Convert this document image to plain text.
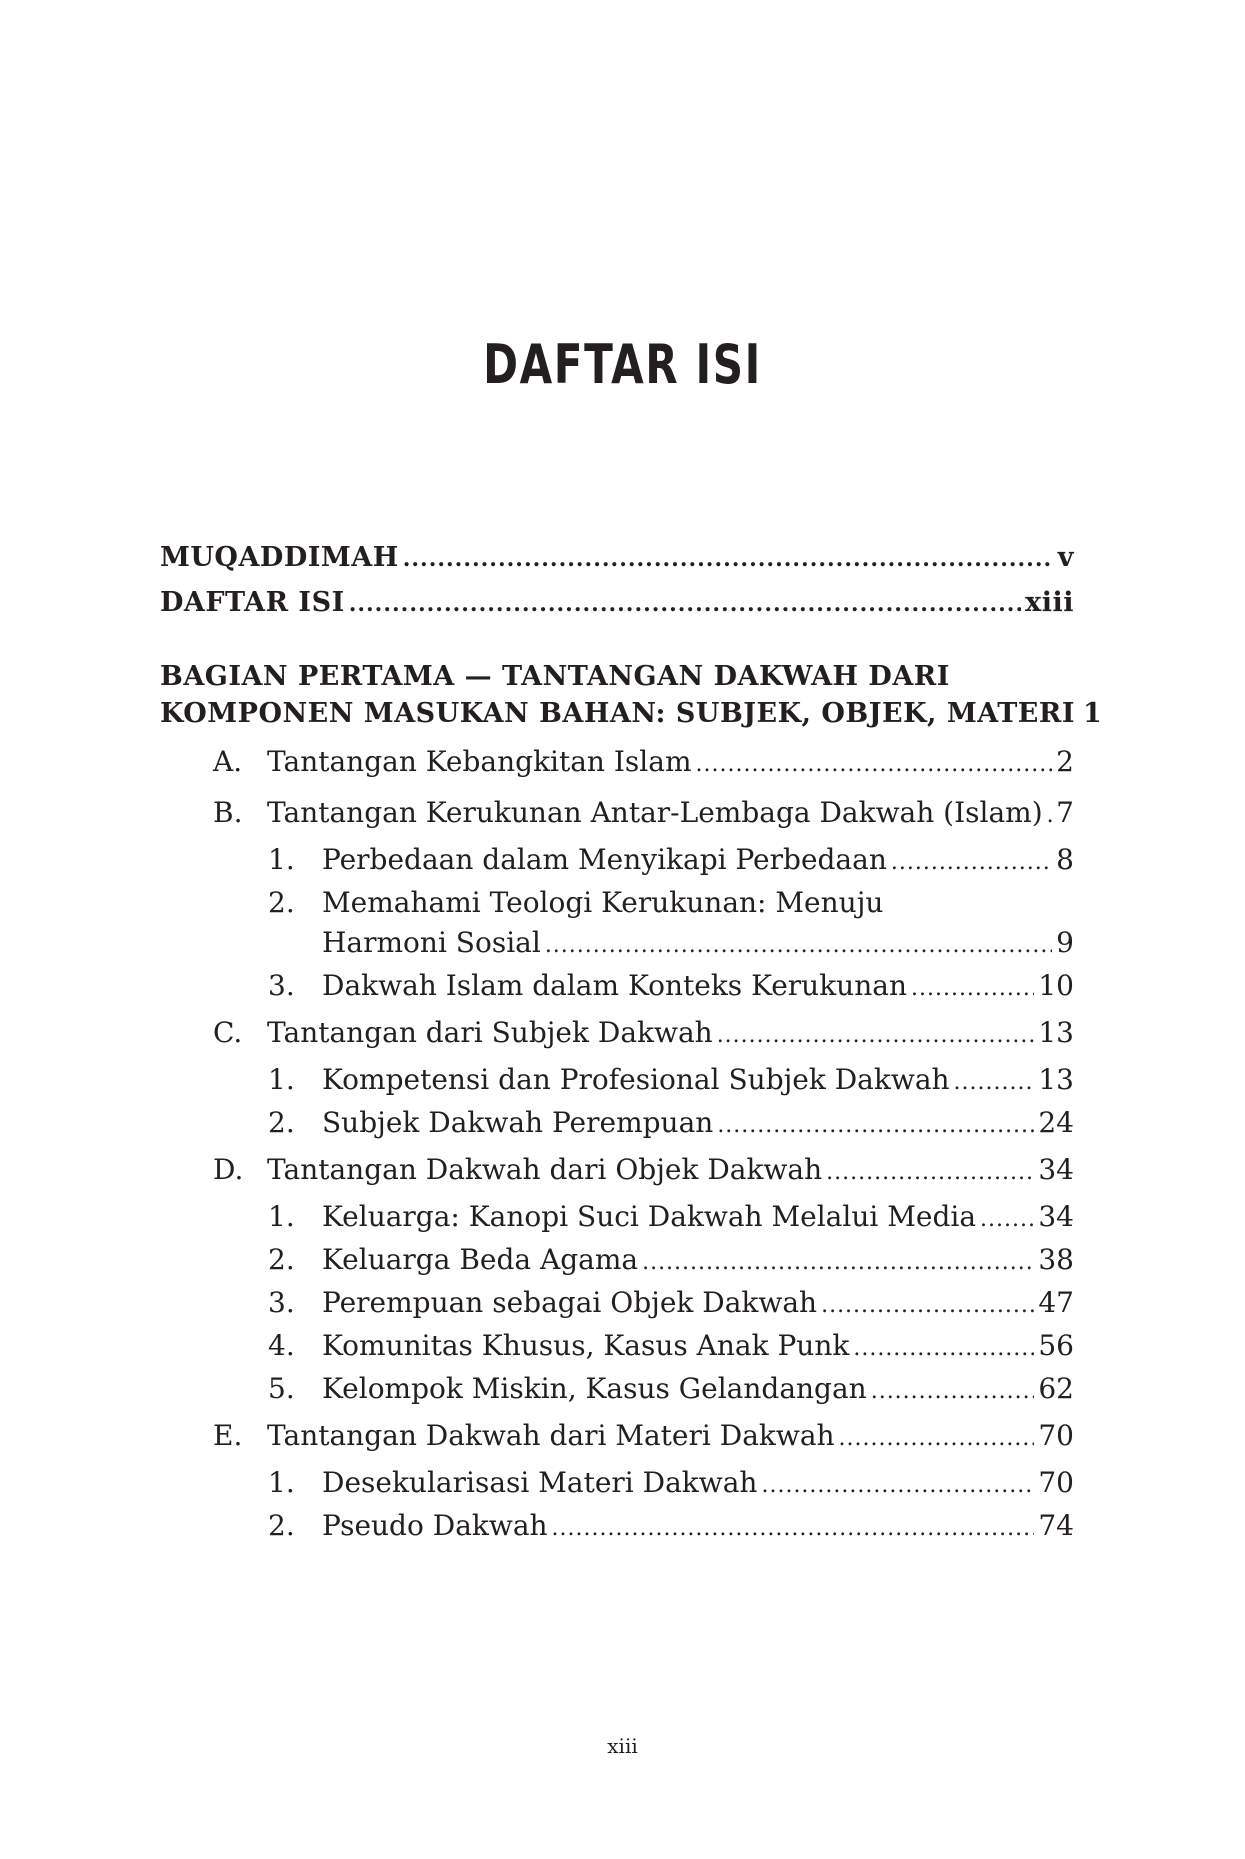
DAFTAR ISI
MUQADDIMAH .....	v
DAFTAR ISI .....	xiii
BAGIAN PERTAMA — TANTANGAN DAKWAH DARI
KOMPONEN MASUKAN BAHAN: SUBJEK, OBJEK, MATERI 1
A. Tantangan Kebangkitan Islam .....	2
B. Tantangan Kerukunan Antar-Lembaga Dakwah (Islam) ..... 7
1. Perbedaan dalam Menyikapi Perbedaan .....	8
2. Memahami Teologi Kerukunan: Menuju
Harmoni Sosial .....	9
3. Dakwah Islam dalam Konteks Kerukunan .....	10
C. Tantangan dari Subjek Dakwah .....	13
1. Kompetensi dan Profesional Subjek Dakwah .....	13
2. Subjek Dakwah Perempuan .....	24
D. Tantangan Dakwah dari Objek Dakwah .....	34
1. Keluarga: Kanopi Suci Dakwah Melalui Media ..... 34
2. Keluarga Beda Agama .....	38
3. Perempuan sebagai Objek Dakwah .....	47
4. Komunitas Khusus, Kasus Anak Punk .....	56
5. Kelompok Miskin, Kasus Gelandangan .....	62
E. Tantangan Dakwah dari Materi Dakwah .....	70
1. Desekularisasi Materi Dakwah .....	70
2. Pseudo Dakwah .....	74
xiii
